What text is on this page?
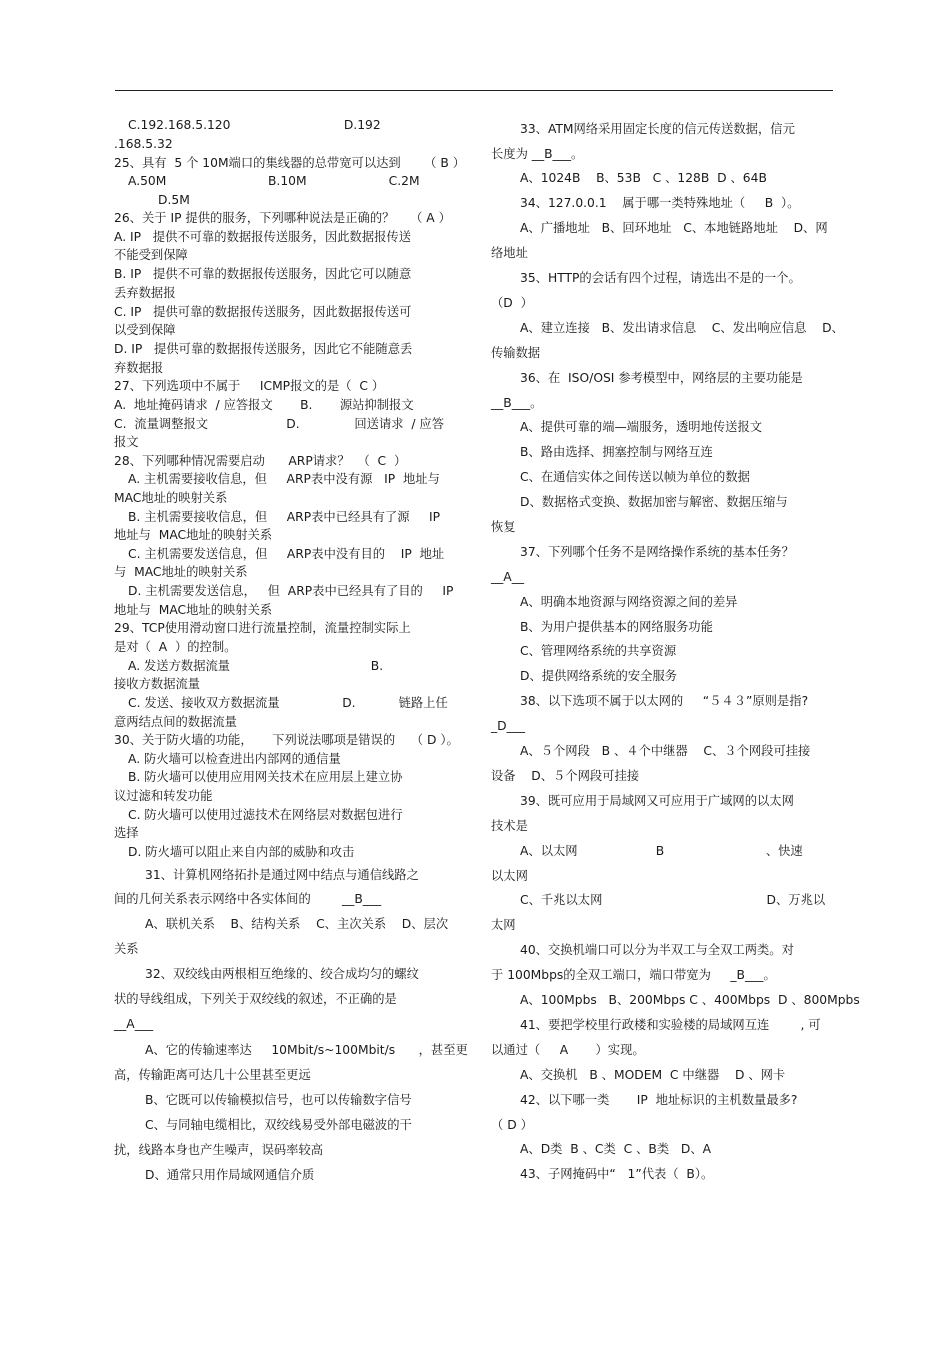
C.192.168.5.120                             D.192
.168.5.32
25、具有  5 个 10M端口的集线器的总带宽可以达到      （ B ）
A.50M                          B.10M                     C.2M
D.5M
26、关于 IP 提供的服务，下列哪种说法是正确的？    （ A ）
A. IP   提供不可靠的数据报传送服务，因此数据报传送
不能受到保障
B. IP   提供不可靠的数据报传送服务，因此它可以随意
丢弃数据报
C. IP   提供可靠的数据报传送服务，因此数据报传送可
以受到保障
D. IP   提供可靠的数据报传送服务，因此它不能随意丢
弃数据报
27、下列选项中不属于     ICMP报文的是（  C ）
A.  地址掩码请求  / 应答报文       B.       源站抑制报文
C.  流量调整报文                    D.              回送请求  / 应答
报文
28、下列哪种情况需要启动      ARP请求？  （  C  ）
A. 主机需要接收信息，但     ARP表中没有源   IP  地址与
MAC地址的映射关系
B. 主机需要接收信息，但     ARP表中已经具有了源     IP
地址与  MAC地址的映射关系
C. 主机需要发送信息，但     ARP表中没有目的    IP  地址
与  MAC地址的映射关系
D. 主机需要发送信息，   但  ARP表中已经具有了目的     IP
地址与  MAC地址的映射关系
29、TCP使用滑动窗口进行流量控制，流量控制实际上
是对（  A  ）的控制。
A. 发送方数据流量                                    B.
接收方数据流量
C. 发送、接收双方数据流量                D.           链路上任
意两结点间的数据流量
30、关于防火墙的功能，     下列说法哪项是错误的    （ D ）。
A. 防火墙可以检查进出内部网的通信量
B. 防火墙可以使用应用网关技术在应用层上建立协
议过滤和转发功能
C. 防火墙可以使用过滤技术在网络层对数据包进行
选择
D. 防火墙可以阻止来自内部的威胁和攻击
31、计算机网络拓扑是通过网中结点与通信线路之
间的几何关系表示网络中各实体间的        __B___
A、联机关系    B、结构关系    C、主次关系    D、层次
关系
32、双绞线由两根相互绝缘的、绞合成均匀的螺纹
状的导线组成，下列关于双绞线的叙述，不正确的是
__A___
A、它的传输速率达     10Mbit/s~100Mbit/s      ，甚至更
高，传输距离可达几十公里甚至更远
B、它既可以传输模拟信号，也可以传输数字信号
C、与同轴电缆相比，双绞线易受外部电磁波的干
扰，线路本身也产生噪声，误码率较高
D、通常只用作局域网通信介质
33、ATM网络采用固定长度的信元传送数据，信元
长度为 __B___。
A、1024B    B、53B   C 、128B  D 、64B
34、127.0.0.1    属于哪一类特殊地址（     B  ）。
A、广播地址   B、回环地址   C、本地链路地址    D、网
络地址
35、HTTP的会话有四个过程，请选出不是的一个。
（D  ）
A、建立连接   B、发出请求信息    C、发出响应信息    D、
传输数据
36、在  ISO/OSI 参考模型中，网络层的主要功能是
__B___。
A、提供可靠的端—端服务，透明地传送报文
B、路由选择、拥塞控制与网络互连
C、在通信实体之间传送以帧为单位的数据
D、数据格式变换、数据加密与解密、数据压缩与
恢复
37、下列哪个任务不是网络操作系统的基本任务？
__A__
A、明确本地资源与网络资源之间的差异
B、为用户提供基本的网络服务功能
C、管理网络系统的共享资源
D、提供网络系统的安全服务
38、以下选项不属于以太网的     “５４３”原则是指?
_D___
A、５个网段   B 、４个中继器    C、３个网段可挂接
设备    D、５个网段可挂接
39、既可应用于局域网又可应用于广域网的以太网
技术是
A、以太网                    B                          、快速
以太网
C、千兆以太网                                          D、万兆以
太网
40、交换机端口可以分为半双工与全双工两类。对
于 100Mbps的全双工端口，端口带宽为     _B___。
A、100Mpbs   B、200Mbps C 、400Mbps  D 、800Mpbs
41、要把学校里行政楼和实验楼的局域网互连        , 可
以通过（     A       ）实现。
A、交换机   B 、MODEM  C 中继器    D 、网卡
42、以下哪一类       IP  地址标识的主机数量最多?
（ D ）
A、D类  B 、C类  C 、B类   D、A
43、子网掩码中“   1”代表（  B）。
